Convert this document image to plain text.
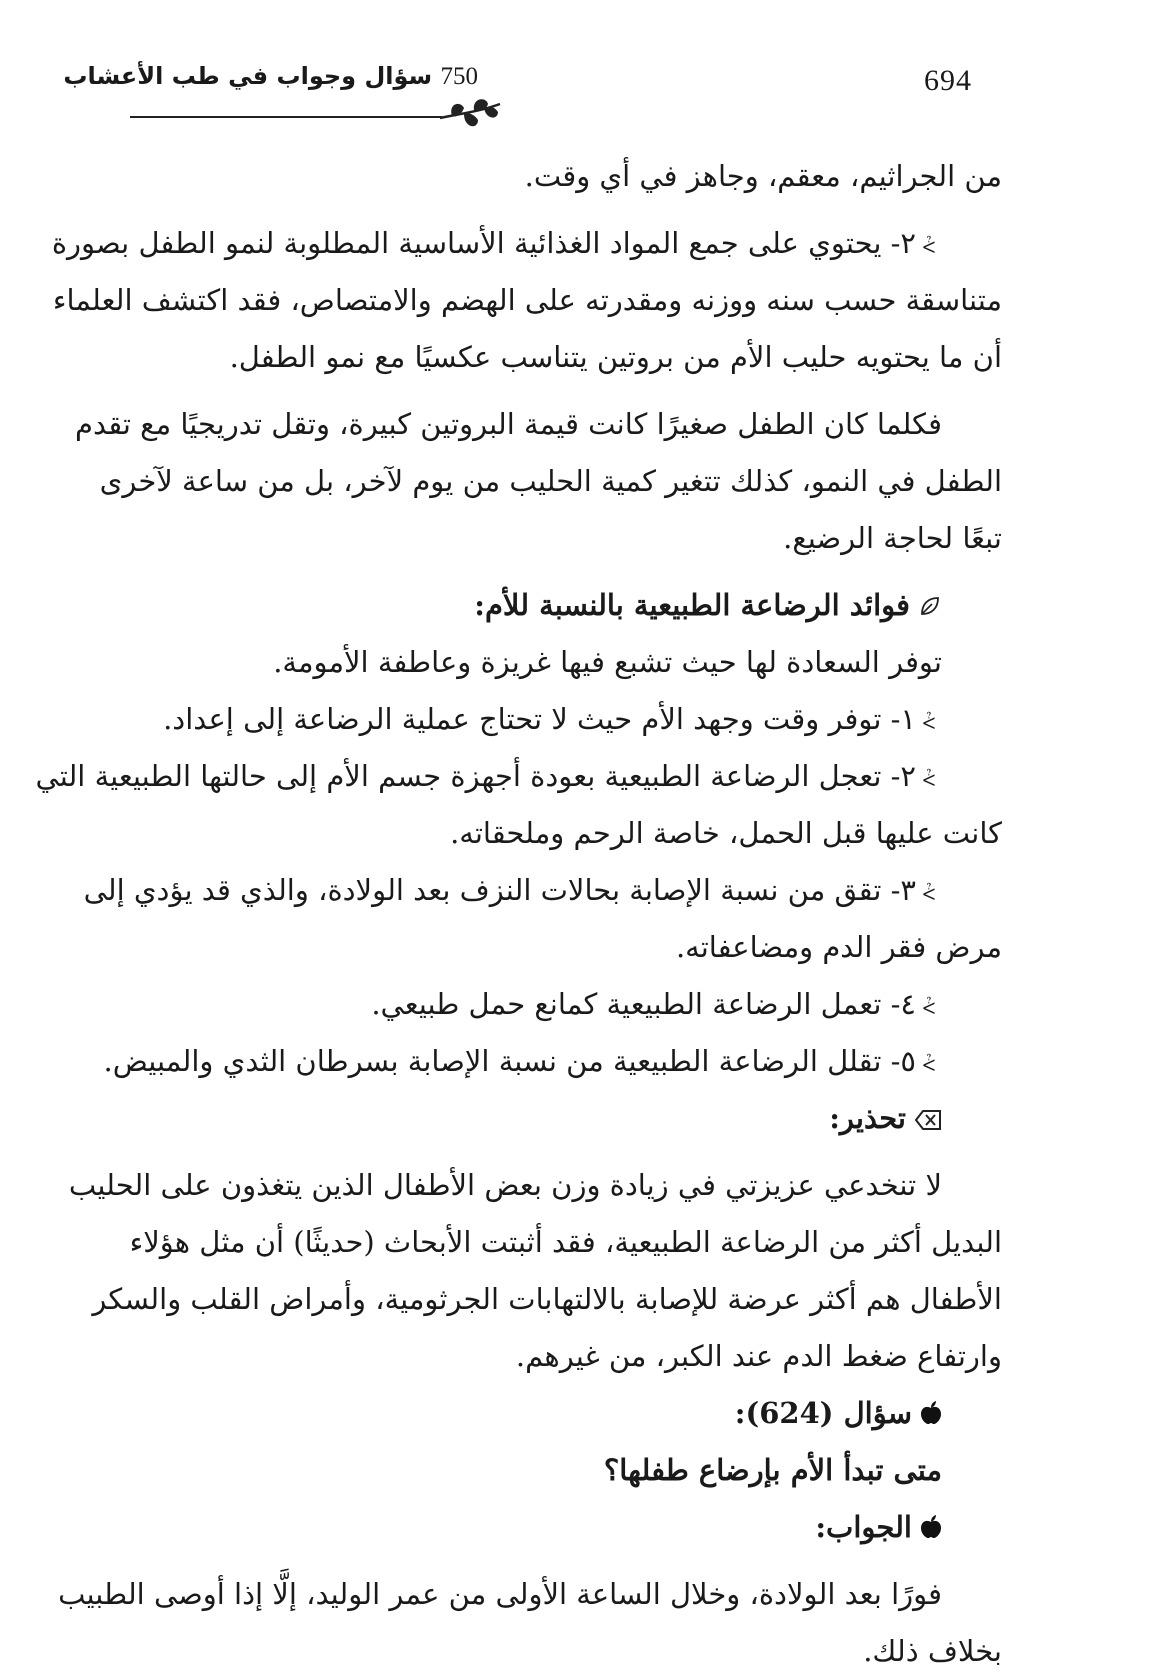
694
750 سؤال وجواب في طب الأعشاب
من الجراثيم، معقم، وجاهز في أي وقت.
⩼٢- يحتوي على جمع المواد الغذائية الأساسية المطلوبة لنمو الطفل بصورة
متناسقة حسب سنه ووزنه ومقدرته على الهضم والامتصاص، فقد اكتشف العلماء
أن ما يحتويه حليب الأم من بروتين يتناسب عكسيًا مع نمو الطفل.
فكلما كان الطفل صغيرًا كانت قيمة البروتين كبيرة، وتقل تدريجيًا مع تقدم
الطفل في النمو، كذلك تتغير كمية الحليب من يوم لآخر، بل من ساعة لآخرى
تبعًا لحاجة الرضيع.
فوائد الرضاعة الطبيعية بالنسبة للأم:
توفر السعادة لها حيث تشبع فيها غريزة وعاطفة الأمومة.
⩼١- توفر وقت وجهد الأم حيث لا تحتاج عملية الرضاعة إلى إعداد.
⩼٢- تعجل الرضاعة الطبيعية بعودة أجهزة جسم الأم إلى حالتها الطبيعية التي
كانت عليها قبل الحمل، خاصة الرحم وملحقاته.
⩼٣- تقق من نسبة الإصابة بحالات النزف بعد الولادة، والذي قد يؤدي إلى
مرض فقر الدم ومضاعفاته.
⩼٤- تعمل الرضاعة الطبيعية كمانع حمل طبيعي.
⩼٥- تقلل الرضاعة الطبيعية من نسبة الإصابة بسرطان الثدي والمبيض.
تحذير:
لا تنخدعي عزيزتي في زيادة وزن بعض الأطفال الذين يتغذون على الحليب
البديل أكثر من الرضاعة الطبيعية، فقد أثبتت الأبحاث (حديثًا) أن مثل هؤلاء
الأطفال هم أكثر عرضة للإصابة بالالتهابات الجرثومية، وأمراض القلب والسكر
وارتفاع ضغط الدم عند الكبر، من غيرهم.
سؤال (624):
متى تبدأ الأم بإرضاع طفلها؟
الجواب:
فورًا بعد الولادة، وخلال الساعة الأولى من عمر الوليد، إلَّا إذا أوصى الطبيب
بخلاف ذلك.
